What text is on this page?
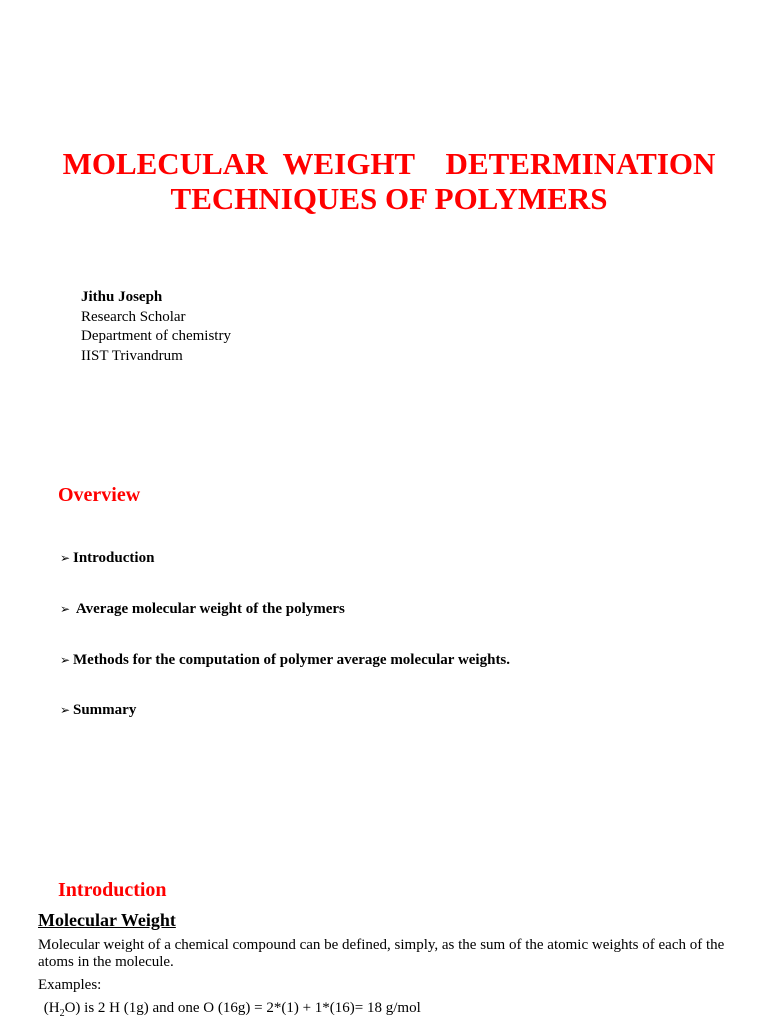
MOLECULAR  WEIGHT    DETERMINATION
TECHNIQUES OF POLYMERS
Jithu Joseph
Research Scholar
Department of chemistry
IIST Trivandrum
Overview
➢ Introduction
➢ Average molecular weight of the polymers
➢ Methods for the computation of polymer average molecular weights.
➢ Summary
Introduction
Molecular Weight

Molecular weight of a chemical compound can be defined, simply, as the sum of the atomic weights of each of the atoms in the molecule.

Examples:
$(H_2O)$ is 2 H (1g) and one O (16g) = 2*(1) + 1*(16)= 18 g/mol
